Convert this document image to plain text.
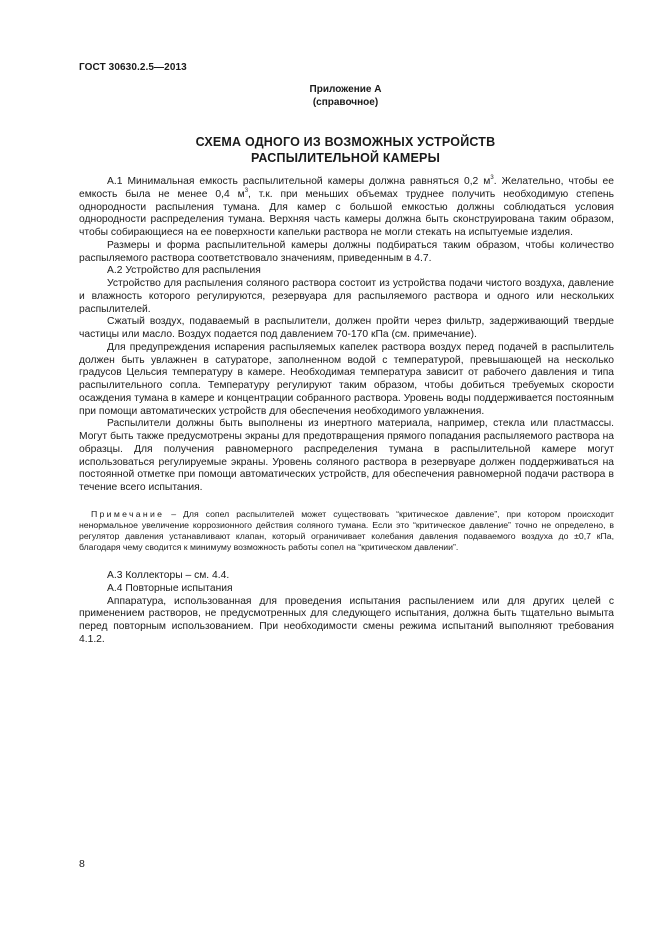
ГОСТ 30630.2.5—2013
Приложение А
(справочное)
СХЕМА ОДНОГО ИЗ ВОЗМОЖНЫХ УСТРОЙСТВ
РАСПЫЛИТЕЛЬНОЙ КАМЕРЫ

А.1 Минимальная емкость распылительной камеры должна равняться 0,2 $м^3$. Желательно, чтобы ее емкость была не менее 0,4 $м^3$, т.к. при меньших объемах труднее получить необходимую степень однородности распыления тумана. Для камер с большой емкостью должны соблюдаться условия однородности распределения тумана. Верхняя часть камеры должна быть сконструирована таким образом, чтобы собирающиеся на ее поверхности капельки раствора не могли стекать на испытуемые изделия.

Размеры и форма распылительной камеры должны подбираться таким образом, чтобы количество распыляемого раствора соответствовало значениям, приведенным в 4.7.

А.2 Устройство для распыления

Устройство для распыления соляного раствора состоит из устройства подачи чистого воздуха, давление и влажность которого регулируются, резервуара для распыляемого раствора и одного или нескольких распылителей.

Сжатый воздух, подаваемый в распылители, должен пройти через фильтр, задерживающий твердые частицы или масло. Воздух подается под давлением 70-170 кПа (см. примечание).

Для предупреждения испарения распыляемых капелек раствора воздух перед подачей в распылитель должен быть увлажнен в сатураторе, заполненном водой с температурой, превышающей на несколько градусов Цельсия температуру в камере. Необходимая температура зависит от рабочего давления и типа распылительного сопла. Температуру регулируют таким образом, чтобы добиться требуемых скорости осаждения тумана в камере и концентрации собранного раствора. Уровень воды поддерживается постоянным при помощи автоматических устройств для обеспечения необходимого увлажнения.

Распылители должны быть выполнены из инертного материала, например, стекла или пластмассы. Могут быть также предусмотрены экраны для предотвращения прямого попадания распыляемого раствора на образцы. Для получения равномерного распределения тумана в распылительной камере могут использоваться регулируемые экраны. Уровень соляного раствора в резервуаре должен поддерживаться на постоянной отметке при помощи автоматических устройств, для обеспечения равномерной подачи раствора в течение всего испытания.

Примечание – Для сопел распылителей может существовать “критическое давление”, при котором происходит ненормальное увеличение коррозионного действия соляного тумана. Если это “критическое давление” точно не определено, в регулятор давления устанавливают клапан, который ограничивает колебания давления подаваемого воздуха до ±0,7 кПа, благодаря чему сводится к минимуму возможность работы сопел на “критическом давлении”.

А.3 Коллекторы – см. 4.4.

А.4 Повторные испытания

Аппаратура, использованная для проведения испытания распылением или для других целей с применением растворов, не предусмотренных для следующего испытания, должна быть тщательно вымыта перед повторным использованием. При необходимости смены режима испытаний выполняют требования 4.1.2.

8
